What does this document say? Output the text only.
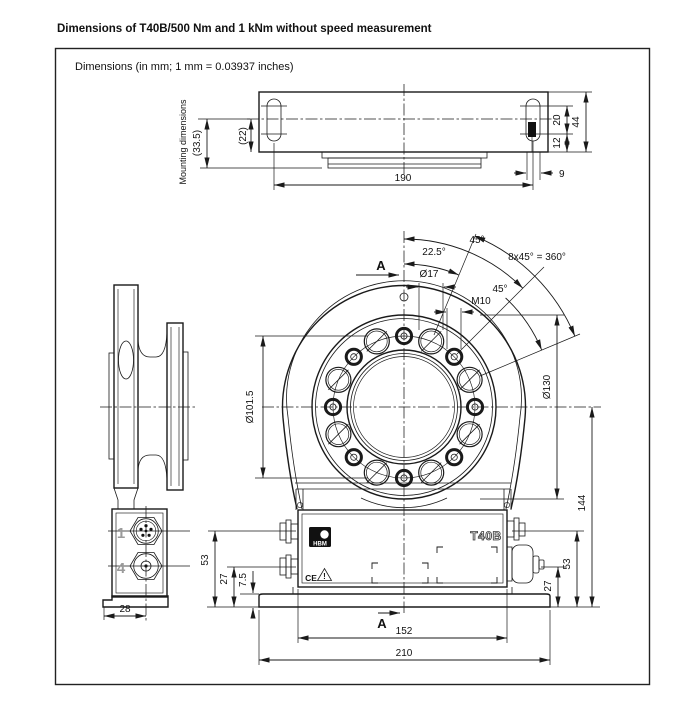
Dimensions of T40B/500 Nm and 1 kNm without speed measurement
Dimensions (in mm; 1 mm = 0.03937 inches)
(22)
(33.5)
Mounting dimensions	190
20
12
44
9
1
4
28
22.5°
45°
8x45° = 360°
45°
Ø17
M10
A
Ø101.5
Ø130
HBM
T40B
CE !
53
27 7.5
53
27
144
A
152
210
